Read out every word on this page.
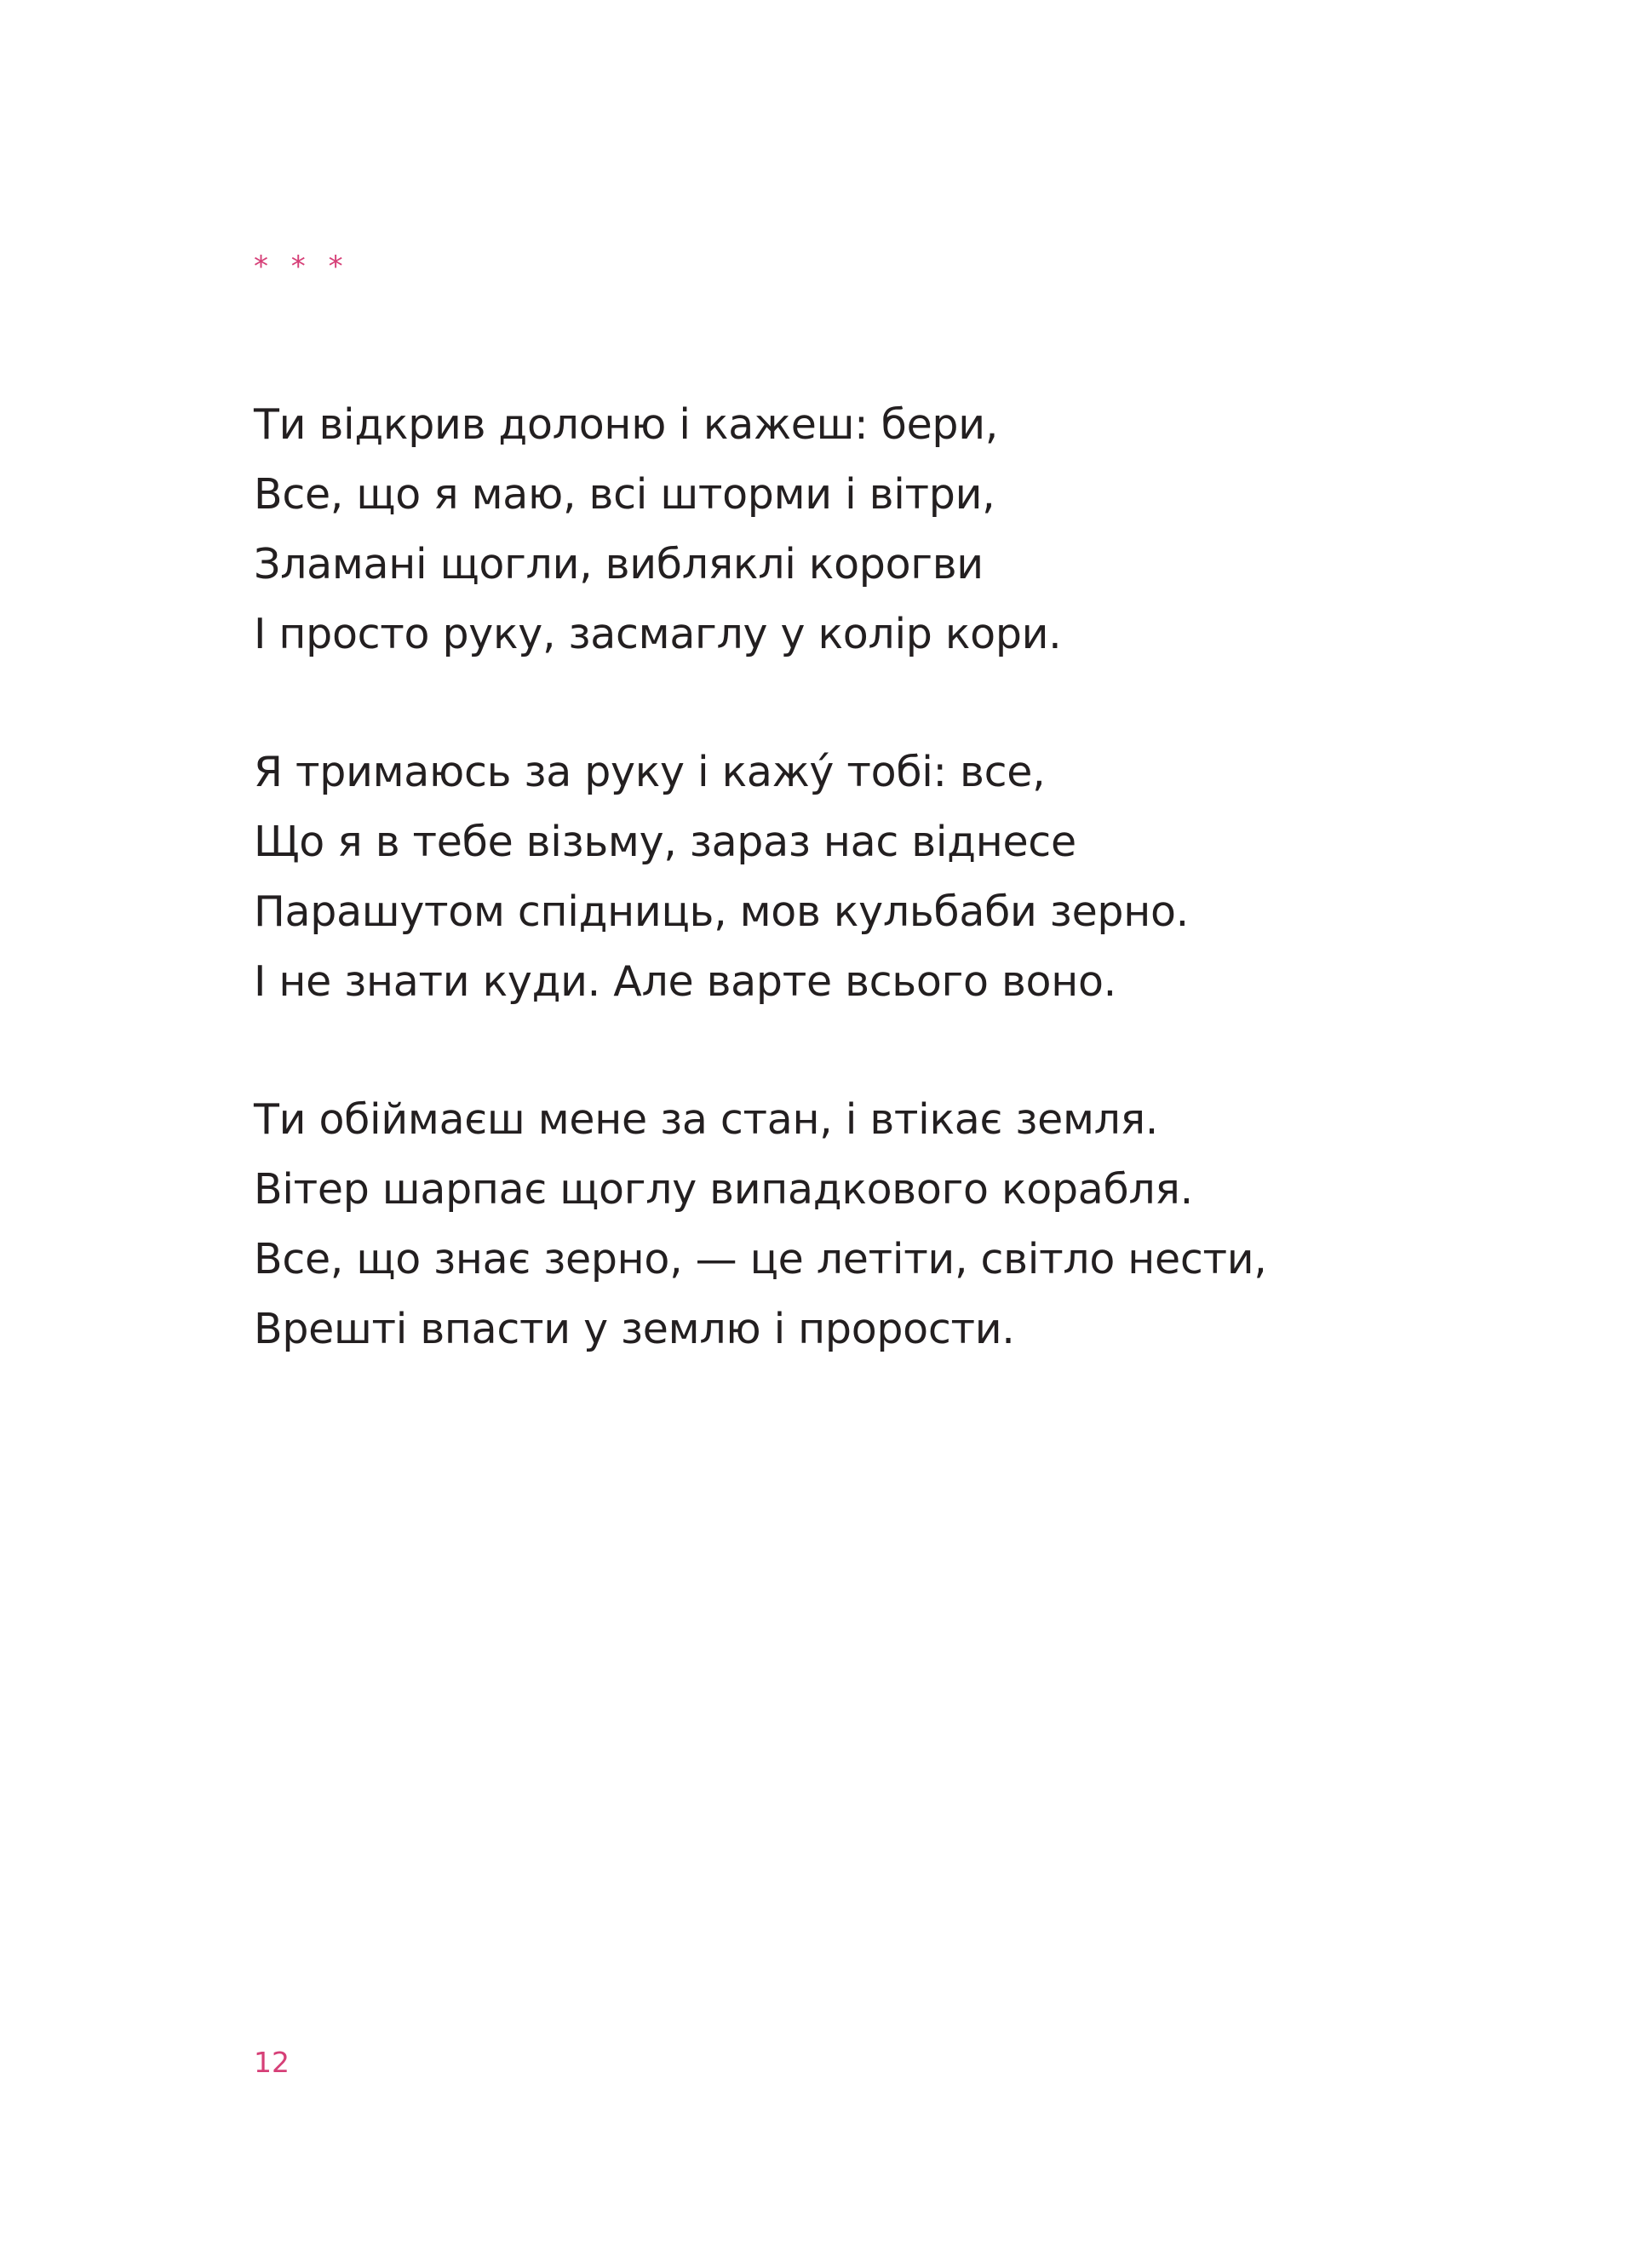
* * *

Ти відкрив долоню і кажеш: бери,
Все, що я маю, всі шторми і вітри,
Зламані щогли, вибляклі корогви
І просто руку, засмаглу у колір кори.
Я тримаюсь за руку і кажý тобі: все,
Що я в тебе візьму, зараз нас віднесе
Парашутом спідниць, мов кульбаби зерно.
І не знати куди. Але варте всього воно.
Ти обіймаєш мене за стан, і втікає земля.
Вітер шарпає щоглу випадкового корабля.
Все, що знає зерно, — це летіти, світло нести,
Врешті впасти у землю і прорости.

12
